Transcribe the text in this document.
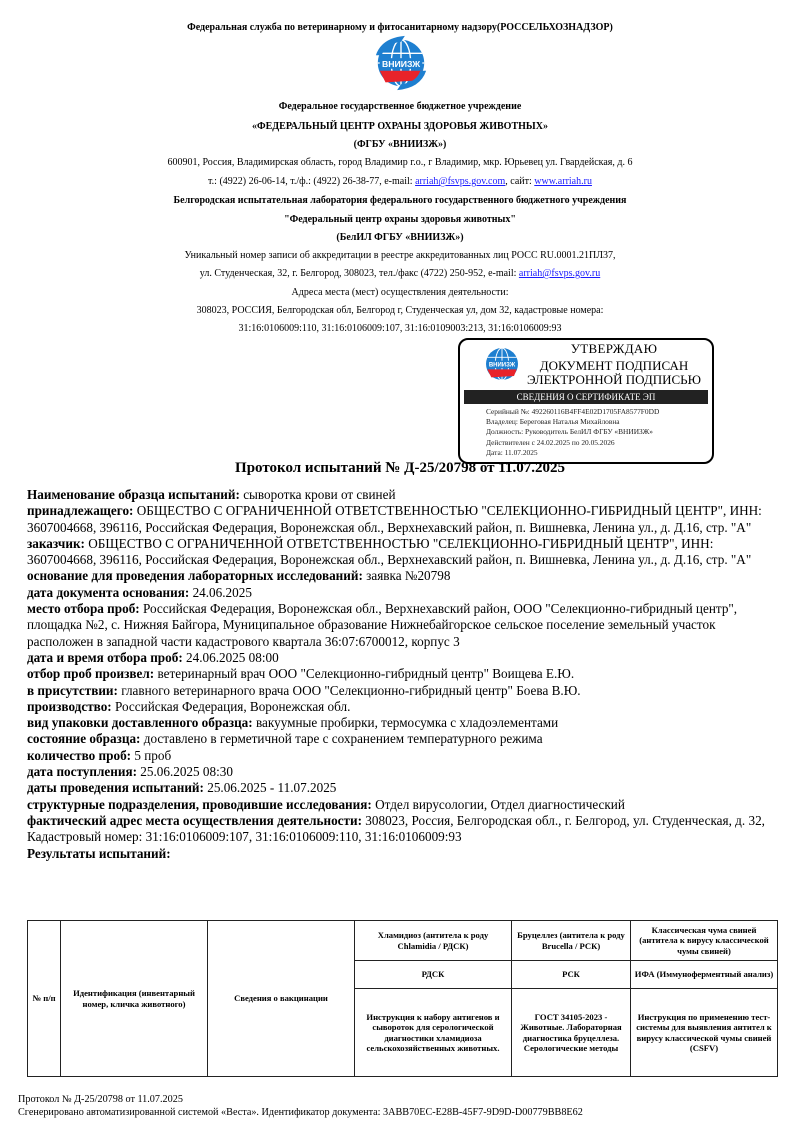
Федеральная служба по ветеринарному и фитосанитарному надзору(РОССЕЛЬХОЗНАДЗОР)
ВНИИЗЖ
Федеральное государственное бюджетное учреждение
«ФЕДЕРАЛЬНЫЙ ЦЕНТР ОХРАНЫ ЗДОРОВЬЯ ЖИВОТНЫХ»
(ФГБУ «ВНИИЗЖ»)
600901, Россия, Владимирская область, город Владимир г.о., г Владимир, мкр. Юрьевец ул. Гвардейская, д. 6
т.: (4922) 26-06-14, т./ф.: (4922) 26-38-77, e-mail: arriah@fsvps.gov.com, сайт: www.arriah.ru
Белгородская испытательная лаборатория федерального государственного бюджетного учреждения
"Федеральный центр охраны здоровья животных"
(БелИЛ ФГБУ «ВНИИЗЖ»)
Уникальный номер записи об аккредитации в реестре аккредитованных лиц РОСС RU.0001.21ПЛ37,
ул. Студенческая, 32, г. Белгород, 308023, тел./факс (4722) 250-952, e-mail: arriah@fsvps.gov.ru
Адреса места (мест) осуществления деятельности:
308023, РОССИЯ, Белгородская обл, Белгород г, Студенческая ул, дом 32, кадастровые номера:
31:16:0106009:110, 31:16:0106009:107, 31:16:0109003:213, 31:16:0106009:93
ВНИИЗЖ
УТВЕРЖДАЮ
ДОКУМЕНТ ПОДПИСАН
ЭЛЕКТРОННОЙ ПОДПИСЬЮ
СВЕДЕНИЯ О СЕРТИФИКАТЕ ЭП
Серийный №: 492260116B4FF4E02D1705FA8577F0DD
Владелец: Береговая Наталья Михайловна
Должность: Руководитель БелИЛ ФГБУ «ВНИИЗЖ»
Действителен с 24.02.2025 по 20.05.2026
Дата: 11.07.2025
Протокол испытаний № Д-25/20798 от 11.07.2025

Наименование образца испытаний: сыворотка крови от свиней

принадлежащего: ОБЩЕСТВО С ОГРАНИЧЕННОЙ ОТВЕТСТВЕННОСТЬЮ "СЕЛЕКЦИОННО-ГИБРИДНЫЙ ЦЕНТР", ИНН: 3607004668, 396116, Российская Федерация, Воронежская обл., Верхнехавский район, п. Вишневка, Ленина ул., д. Д.16, стр. "А"

заказчик: ОБЩЕСТВО С ОГРАНИЧЕННОЙ ОТВЕТСТВЕННОСТЬЮ "СЕЛЕКЦИОННО-ГИБРИДНЫЙ ЦЕНТР", ИНН: 3607004668, 396116, Российская Федерация, Воронежская обл., Верхнехавский район, п. Вишневка, Ленина ул., д. Д.16, стр. "А"

основание для проведения лабораторных исследований: заявка №20798

дата документа основания: 24.06.2025

место отбора проб: Российская Федерация, Воронежская обл., Верхнехавский район, ООО "Селекционно-гибридный центр", площадка №2, с. Нижняя Байгора, Муниципальное образование Нижнебайгорское сельское поселение земельный участок расположен в западной части кадастрового квартала 36:07:6700012, корпус 3

дата и время отбора проб: 24.06.2025 08:00

отбор проб произвел: ветеринарный врач ООО "Селекционно-гибридный центр" Воищева Е.Ю.

в присутствии: главного ветеринарного врача ООО "Селекционно-гибридный центр" Боева В.Ю.

производство: Российская Федерация, Воронежская обл.

вид упаковки доставленного образца: вакуумные пробирки, термосумка с хладоэлементами

состояние образца: доставлено в герметичной таре с сохранением температурного режима

количество проб: 5 проб

дата поступления: 25.06.2025 08:30

даты проведения испытаний: 25.06.2025 - 11.07.2025

структурные подразделения, проводившие исследования: Отдел вирусологии, Отдел диагностический

фактический адрес места осуществления деятельности: 308023, Россия, Белгородская обл., г. Белгород, ул. Студенческая, д. 32, Кадастровый номер: 31:16:0106009:107, 31:16:0106009:110, 31:16:0106009:93

Результаты испытаний:

№ п/п	Идентификация (инвентарный номер, кличка животного)	Сведения о вакцинации	Хламидиоз (антитела к роду Chlamidia / РДСК)	Бруцеллез (антитела к роду Brucella / РСК)	Классическая чума свиней (антитела к вирусу классической чумы свиней)
			РДСК	РСК	ИФА (Иммуноферментный анализ)
			Инструкция к набору антигенов и сывороток для серологической диагностики хламидиоза сельскохозяйственных животных.	ГОСТ 34105-2023 - Животные. Лабораторная диагностика бруцеллеза. Серологические методы	Инструкция по применению тест-системы для выявления антител к вирусу классической чумы свиней (CSFV)
Протокол № Д-25/20798 от 11.07.2025
Сгенерировано автоматизированной системой «Веста». Идентификатор документа: 3ABB70EC-E28B-45F7-9D9D-D00779BB8E62
